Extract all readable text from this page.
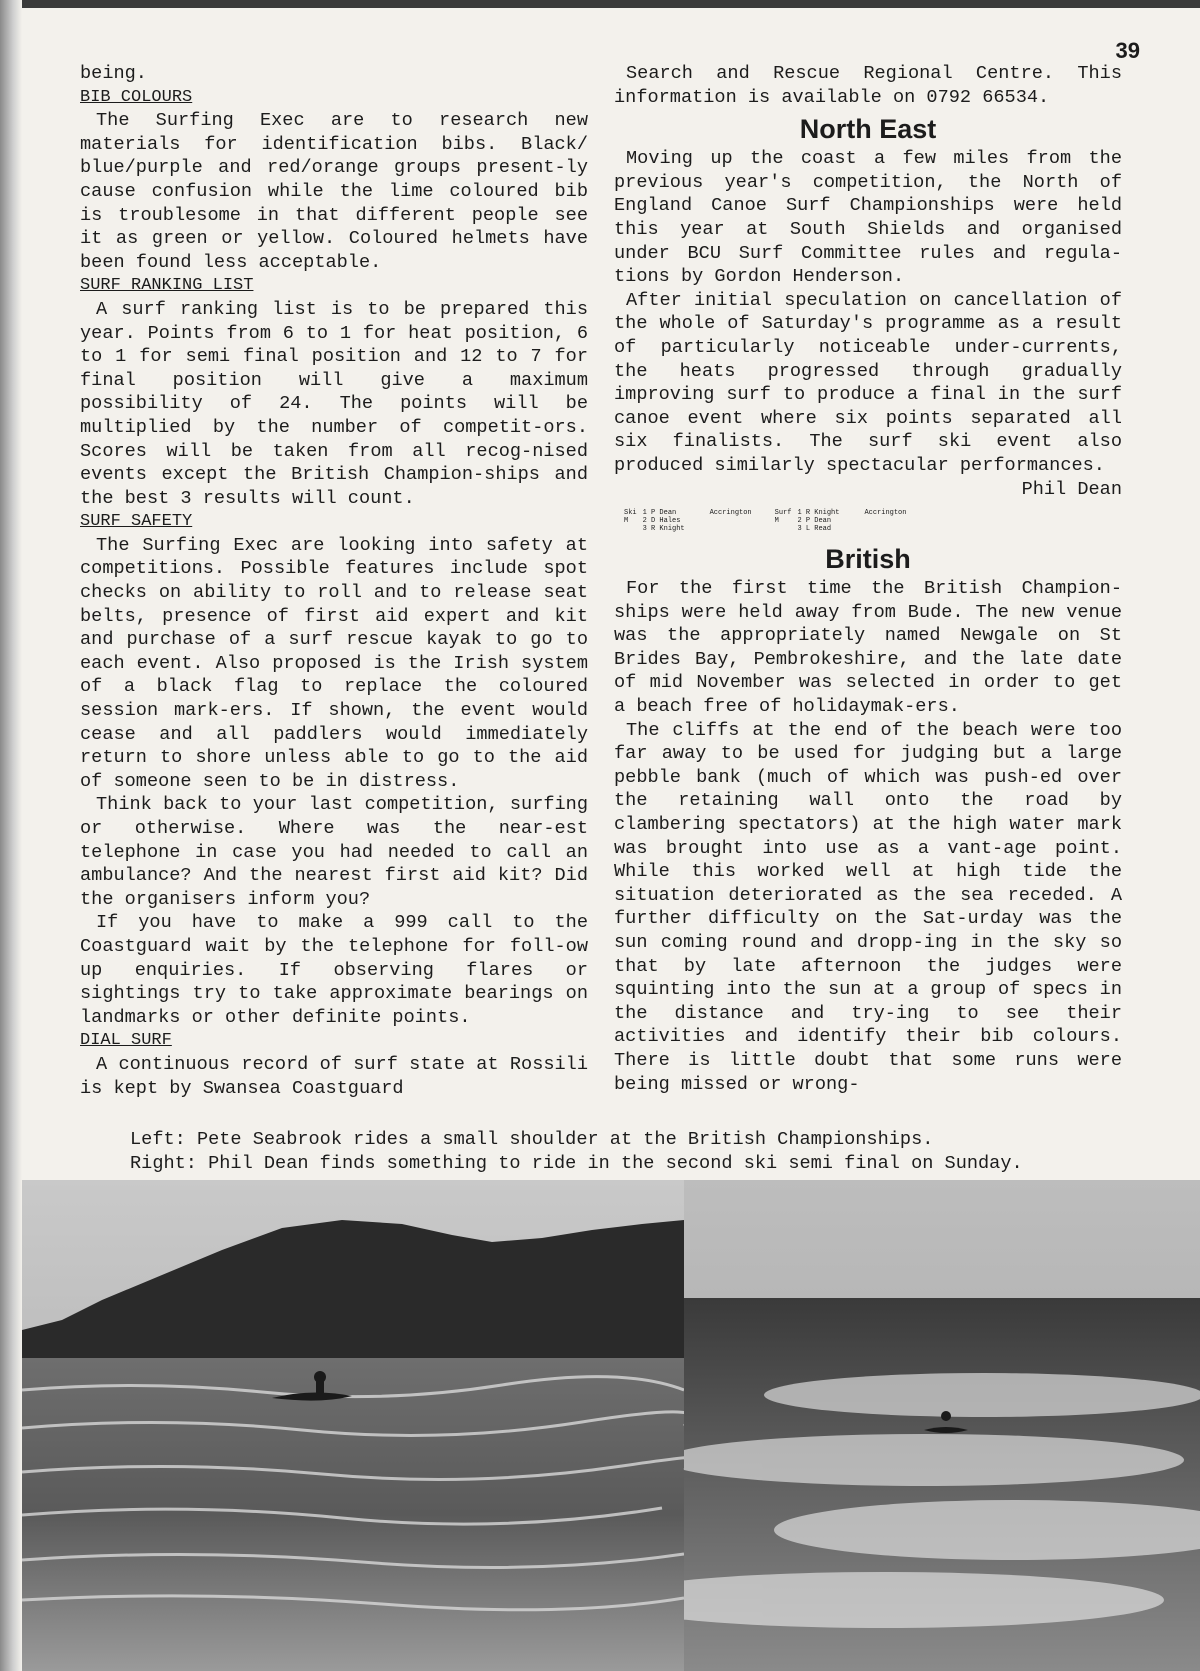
39

being.

BIB COLOURS

The Surfing Exec are to research new materials for identification bibs. Black/ blue/purple and red/orange groups present-ly cause confusion while the lime coloured bib is troublesome in that different people see it as green or yellow. Coloured helmets have been found less acceptable.

SURF RANKING LIST

A surf ranking list is to be prepared this year. Points from 6 to 1 for heat position, 6 to 1 for semi final position and 12 to 7 for final position will give a maximum possibility of 24. The points will be multiplied by the number of competit-ors. Scores will be taken from all recog-nised events except the British Champion-ships and the best 3 results will count.

SURF SAFETY

The Surfing Exec are looking into safety at competitions. Possible features include spot checks on ability to roll and to release seat belts, presence of first aid expert and kit and purchase of a surf rescue kayak to go to each event. Also proposed is the Irish system of a black flag to replace the coloured session mark-ers. If shown, the event would cease and all paddlers would immediately return to shore unless able to go to the aid of someone seen to be in distress.

Think back to your last competition, surfing or otherwise. Where was the near-est telephone in case you had needed to call an ambulance? And the nearest first aid kit? Did the organisers inform you?

If you have to make a 999 call to the Coastguard wait by the telephone for foll-ow up enquiries. If observing flares or sightings try to take approximate bearings on landmarks or other definite points.

DIAL SURF

A continuous record of surf state at Rossili is kept by Swansea Coastguard

Search and Rescue Regional Centre. This information is available on 0792 66534.

North East

Moving up the coast a few miles from the previous year's competition, the North of England Canoe Surf Championships were held this year at South Shields and organised under BCU Surf Committee rules and regula-tions by Gordon Henderson.

After initial speculation on cancellation of the whole of Saturday's programme as a result of particularly noticeable under-currents, the heats progressed through gradually improving surf to produce a final in the surf canoe event where six points separated all six finalists. The surf ski event also produced similarly spectacular performances.

Phil Dean
Ski
M
1 P Dean
2 D Hales
3 R Knight
Accrington	Surf
M
1 R Knight
2 P Dean
3 L Read
Accrington
British

For the first time the British Champion-ships were held away from Bude. The new venue was the appropriately named Newgale on St Brides Bay, Pembrokeshire, and the late date of mid November was selected in order to get a beach free of holidaymak-ers.

The cliffs at the end of the beach were too far away to be used for judging but a large pebble bank (much of which was push-ed over the retaining wall onto the road by clambering spectators) at the high water mark was brought into use as a vant-age point. While this worked well at high tide the situation deteriorated as the sea receded. A further difficulty on the Sat-urday was the sun coming round and dropp-ing in the sky so that by late afternoon the judges were squinting into the sun at a group of specs in the distance and try-ing to see their activities and identify their bib colours. There is little doubt that some runs were being missed or wrong-

Left: Pete Seabrook rides a small shoulder at the British Championships.
Right: Phil Dean finds something to ride in the second ski semi final on Sunday.
